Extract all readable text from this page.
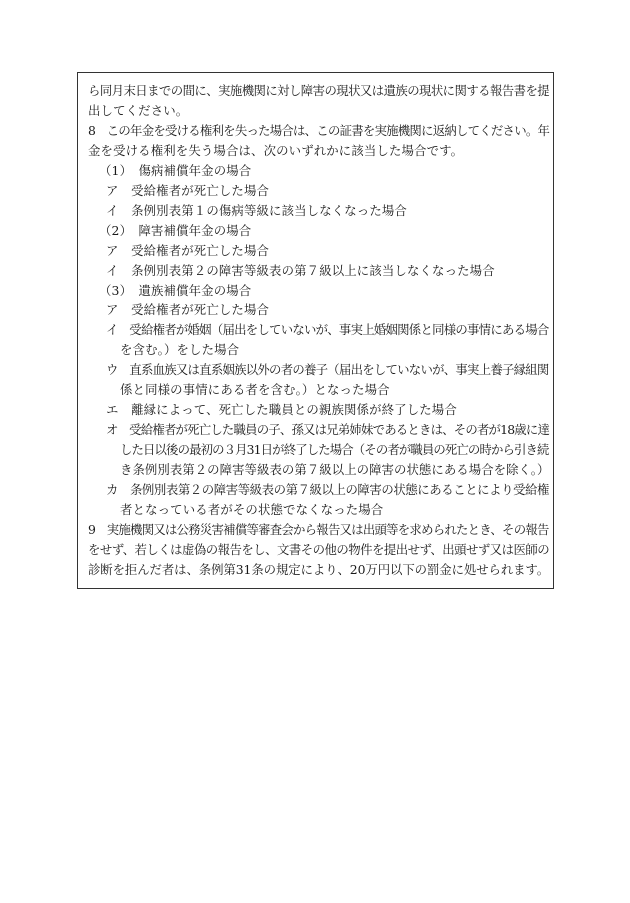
ら同月末日までの間に、実施機関に対し障害の現状又は遺族の現状に関する報告書を提
出してください。
8　この年金を受ける権利を失った場合は、この証書を実施機関に返納してください。年
金を受ける権利を失う場合は、次のいずれかに該当した場合です。
（1）　傷病補償年金の場合
ア　受給権者が死亡した場合
イ　条例別表第１の傷病等級に該当しなくなった場合
（2）　障害補償年金の場合
ア　受給権者が死亡した場合
イ　条例別表第２の障害等級表の第７級以上に該当しなくなった場合
（3）　遺族補償年金の場合
ア　受給権者が死亡した場合
イ　受給権者が婚姻（届出をしていないが、事実上婚姻関係と同様の事情にある場合
を含む。）をした場合
ウ　直系血族又は直系姻族以外の者の養子（届出をしていないが、事実上養子縁組関
係と同様の事情にある者を含む。）となった場合
エ　離縁によって、死亡した職員との親族関係が終了した場合
オ　受給権者が死亡した職員の子、孫又は兄弟姉妹であるときは、その者が18歳に達
した日以後の最初の３月31日が終了した場合（その者が職員の死亡の時から引き続
き条例別表第２の障害等級表の第７級以上の障害の状態にある場合を除く。）
カ　条例別表第２の障害等級表の第７級以上の障害の状態にあることにより受給権
者となっている者がその状態でなくなった場合
9　実施機関又は公務災害補償等審査会から報告又は出頭等を求められたとき、その報告
をせず、若しくは虚偽の報告をし、文書その他の物件を提出せず、出頭せず又は医師の
診断を拒んだ者は、条例第31条の規定により、20万円以下の罰金に処せられます。
